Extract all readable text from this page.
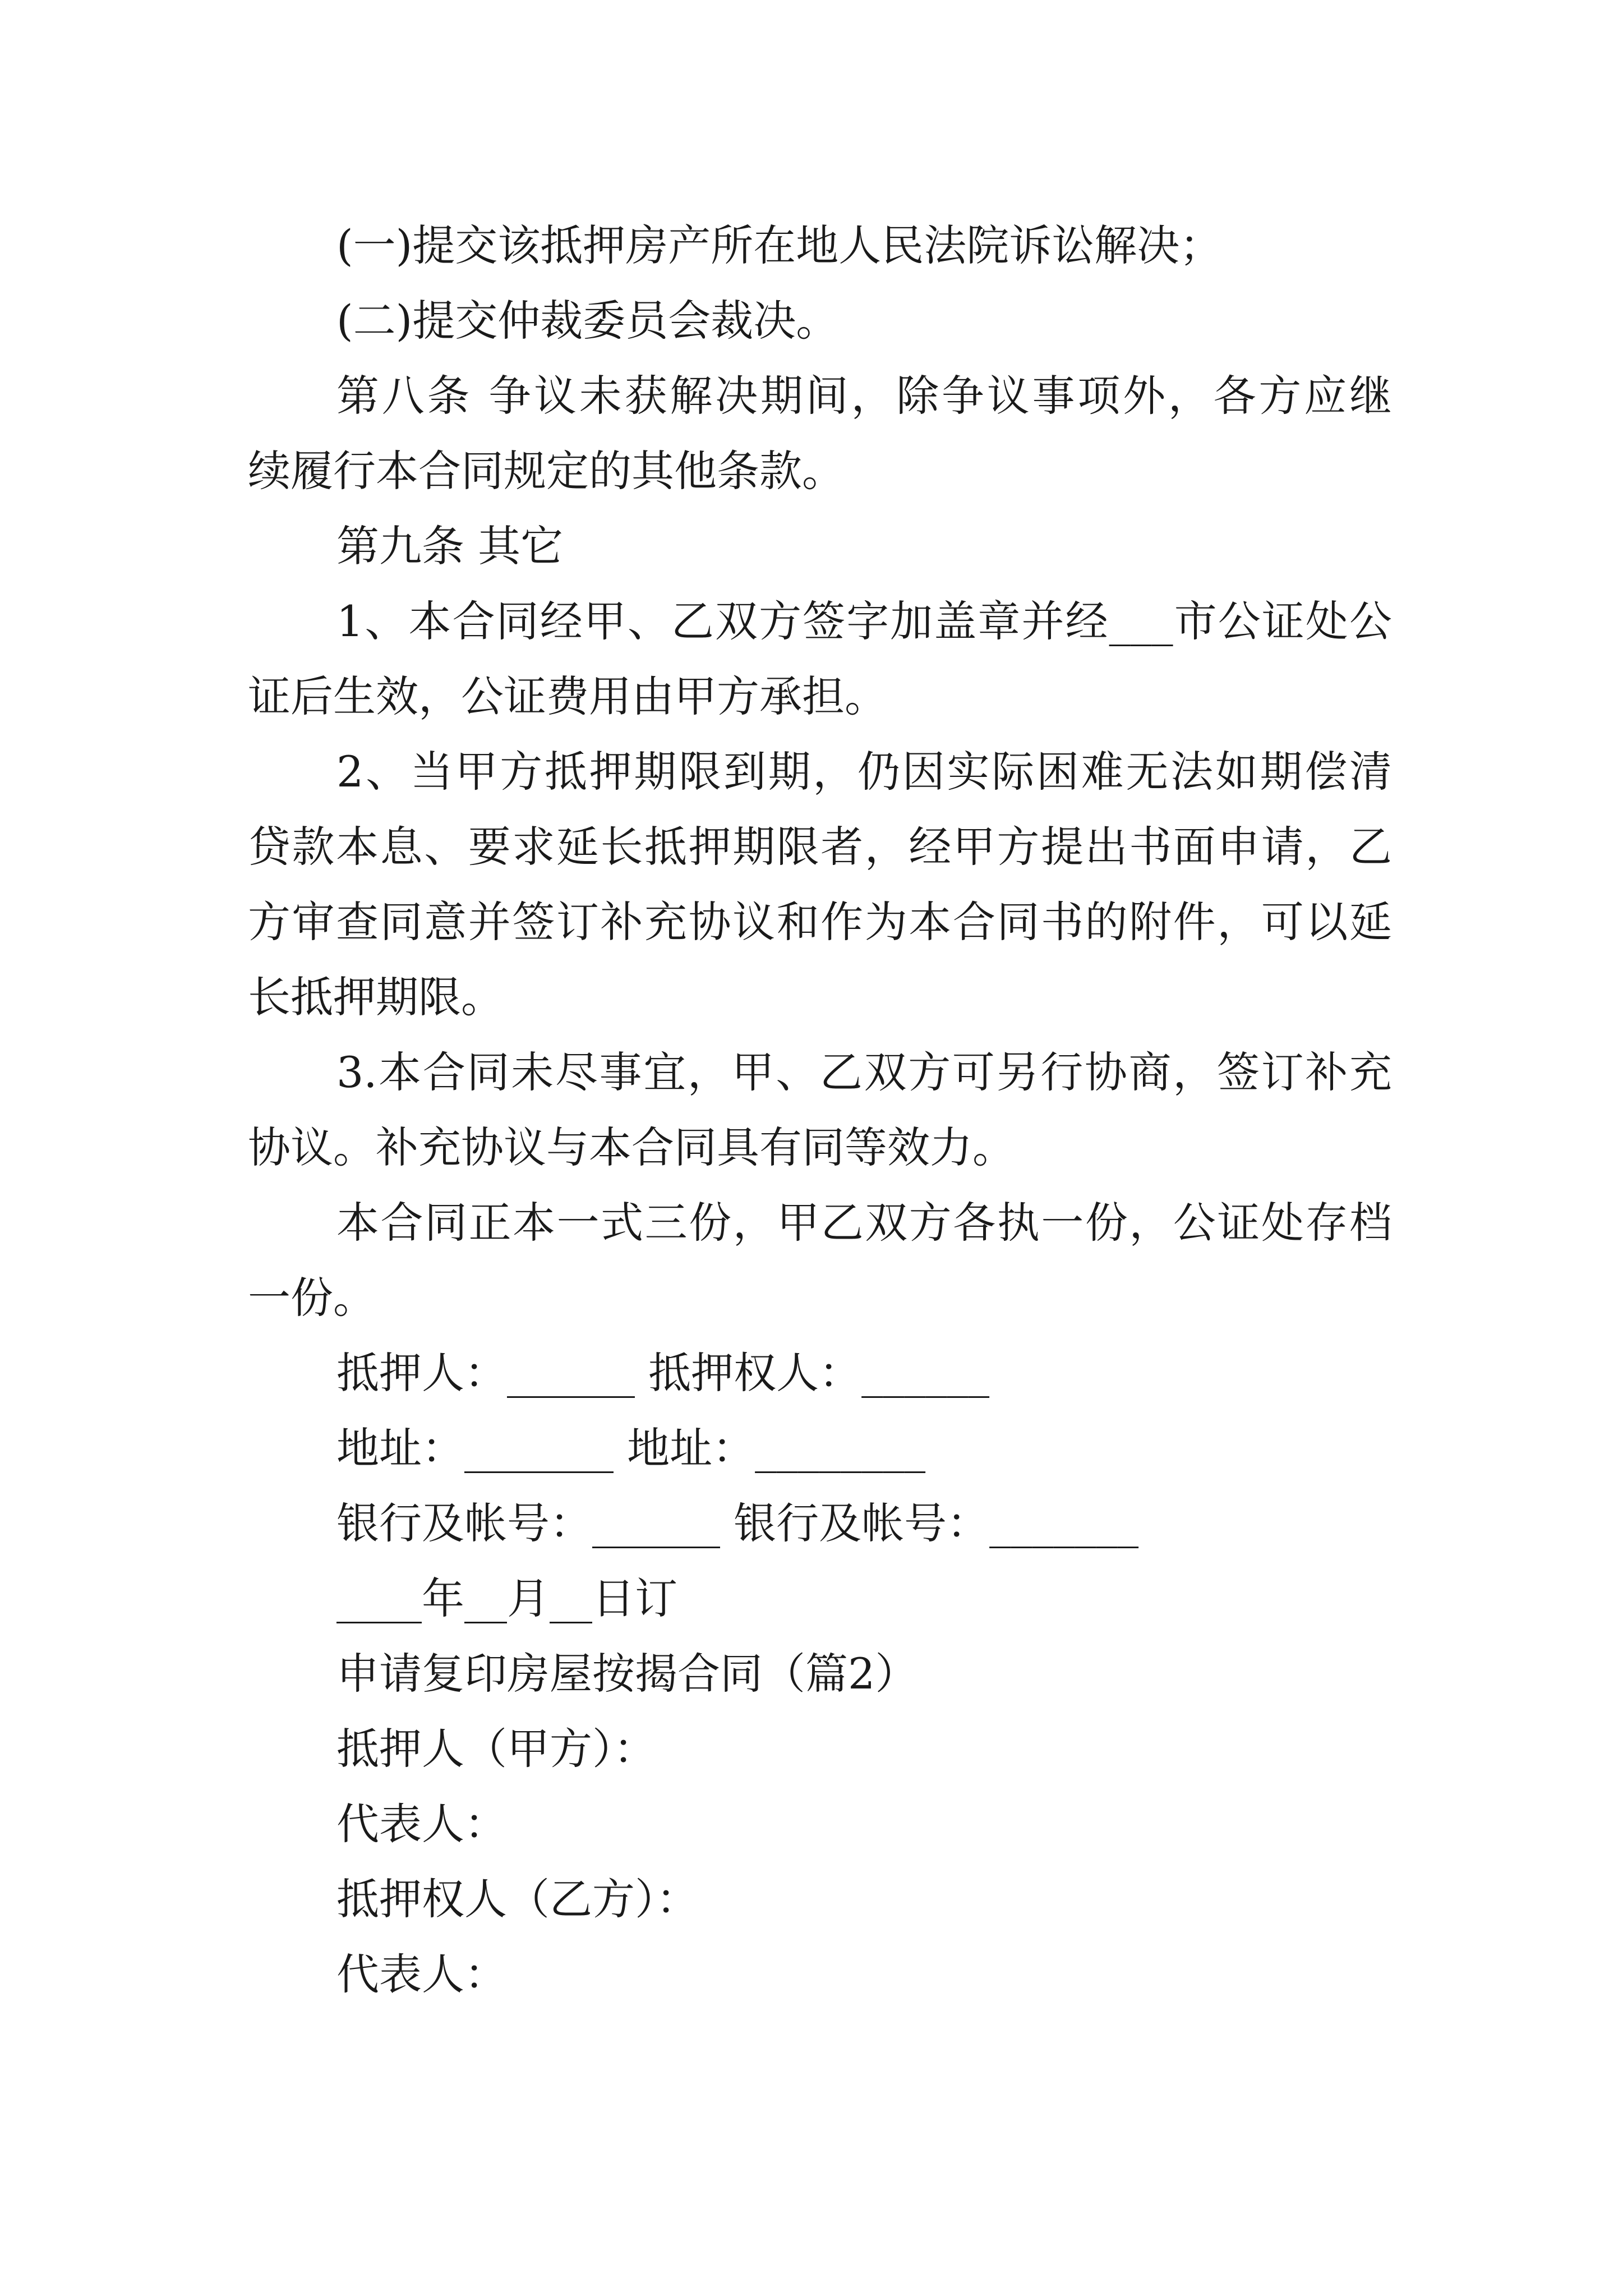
(一)提交该抵押房产所在地人民法院诉讼解决；
(二)提交仲裁委员会裁决。
第八条 争议未获解决期间，除争议事项外，各方应继
续履行本合同规定的其他条款。
第九条 其它
1、本合同经甲、乙双方签字加盖章并经___市公证处公
证后生效，公证费用由甲方承担。
2、当甲方抵押期限到期，仍因实际困难无法如期偿清
贷款本息、要求延长抵押期限者，经甲方提出书面申请，乙
方审查同意并签订补充协议和作为本合同书的附件，可以延
长抵押期限。
3.本合同未尽事宜，甲、乙双方可另行协商，签订补充
协议。补充协议与本合同具有同等效力。
本合同正本一式三份，甲乙双方各执一份，公证处存档
一份。
抵押人：______ 抵押权人：______
地址：_______ 地址：________
银行及帐号：______ 银行及帐号：_______
____年__月__日订
申请复印房屋按揭合同（篇2）
抵押人（甲方）：
代表人：
抵押权人（乙方）：
代表人：
